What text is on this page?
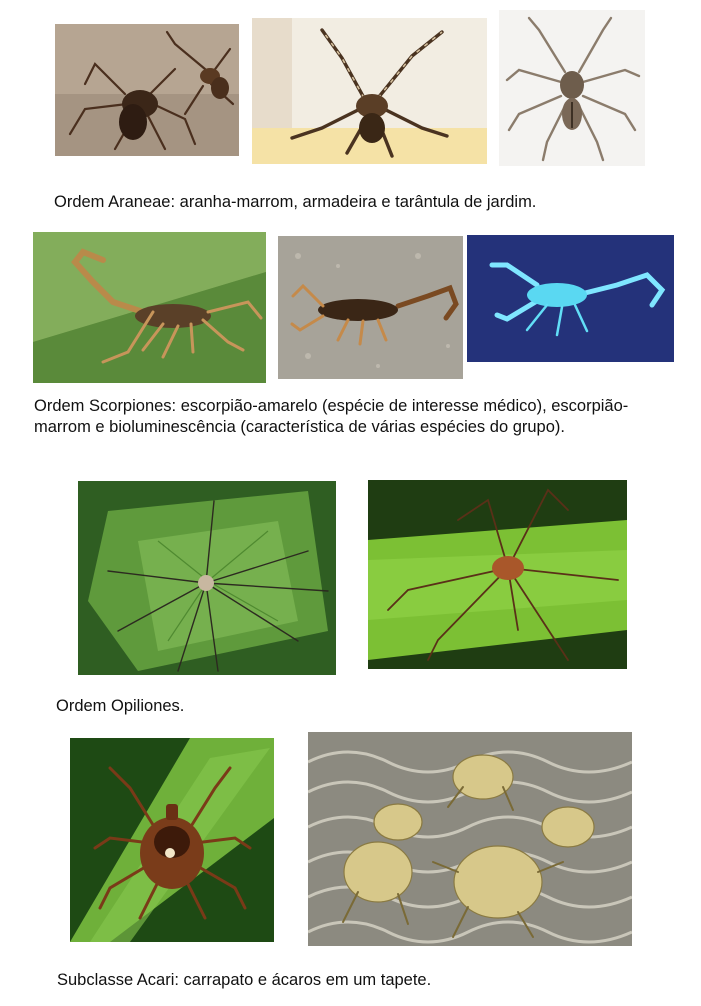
Ordem Araneae: aranha-marrom, armadeira e tarântula de jardim.
Ordem Scorpiones: escorpião-amarelo (espécie de interesse médico), escorpião-marrom e bioluminescência (característica de várias espécies do grupo).
Ordem Opiliones.
Subclasse Acari: carrapato e ácaros em um tapete.
